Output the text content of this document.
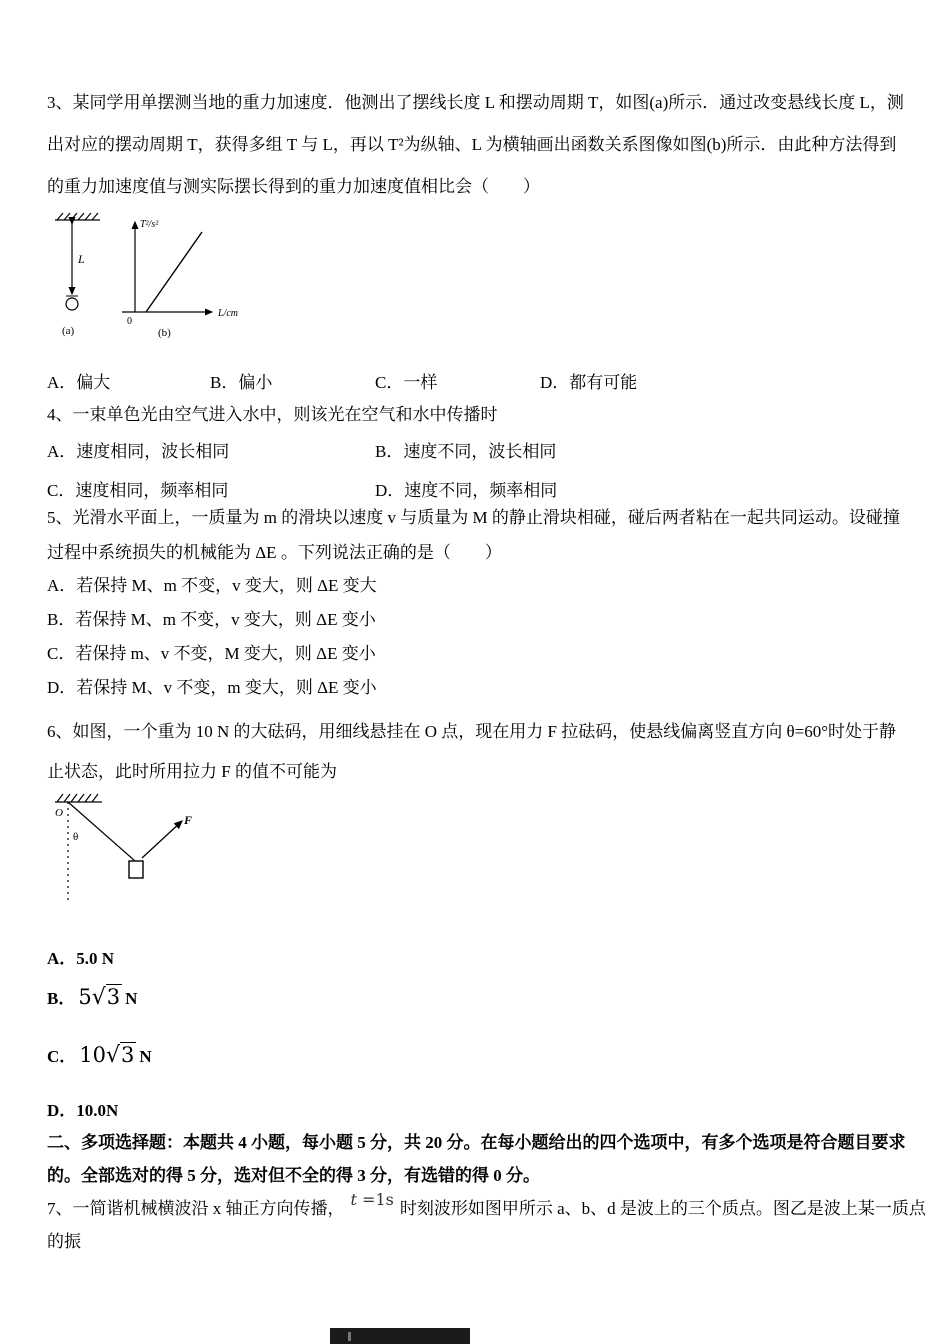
3、某同学用单摆测当地的重力加速度．他测出了摆线长度 L 和摆动周期 T，如图(a)所示．通过改变悬线长度 L，测出对应的摆动周期 T，获得多组 T 与 L，再以 T²为纵轴、L 为横轴画出函数关系图像如图(b)所示．由此种方法得到的重力加速度值与测实际摆长得到的重力加速度值相比会（　　）
L
(a)
T²/s²
L/cm
0
(b)
A．偏大	B．偏小	C．一样	D．都有可能
4、一束单色光由空气进入水中，则该光在空气和水中传播时
A．速度相同，波长相同	B．速度不同，波长相同
C．速度相同，频率相同	D．速度不同，频率相同
5、光滑水平面上，一质量为 m 的滑块以速度 v 与质量为 M 的静止滑块相碰，碰后两者粘在一起共同运动。设碰撞过程中系统损失的机械能为 ΔE 。下列说法正确的是（　　）
A．若保持 M、m 不变，v 变大，则 ΔE 变大
B．若保持 M、m 不变，v 变大，则 ΔE 变小
C．若保持 m、v 不变，M 变大，则 ΔE 变小
D．若保持 M、v 不变，m 变大，则 ΔE 变小
6、如图，一个重为 10 N 的大砝码，用细线悬挂在 O 点，现在用力 F 拉砝码，使悬线偏离竖直方向 θ=60°时处于静止状态，此时所用拉力 F 的值不可能为
O
θ
F
A．5.0 N
B． 5√3 N
C． 10√3 N
D．10.0N
二、多项选择题：本题共 4 小题，每小题 5 分，共 20 分。在每小题给出的四个选项中，有多个选项是符合题目要求的。全部选对的得 5 分，选对但不全的得 3 分，有选错的得 0 分。
7、一简谐机械横波沿 x 轴正方向传播， t =1s 时刻波形如图甲所示 a、b、d 是波上的三个质点。图乙是波上某一质点的振
